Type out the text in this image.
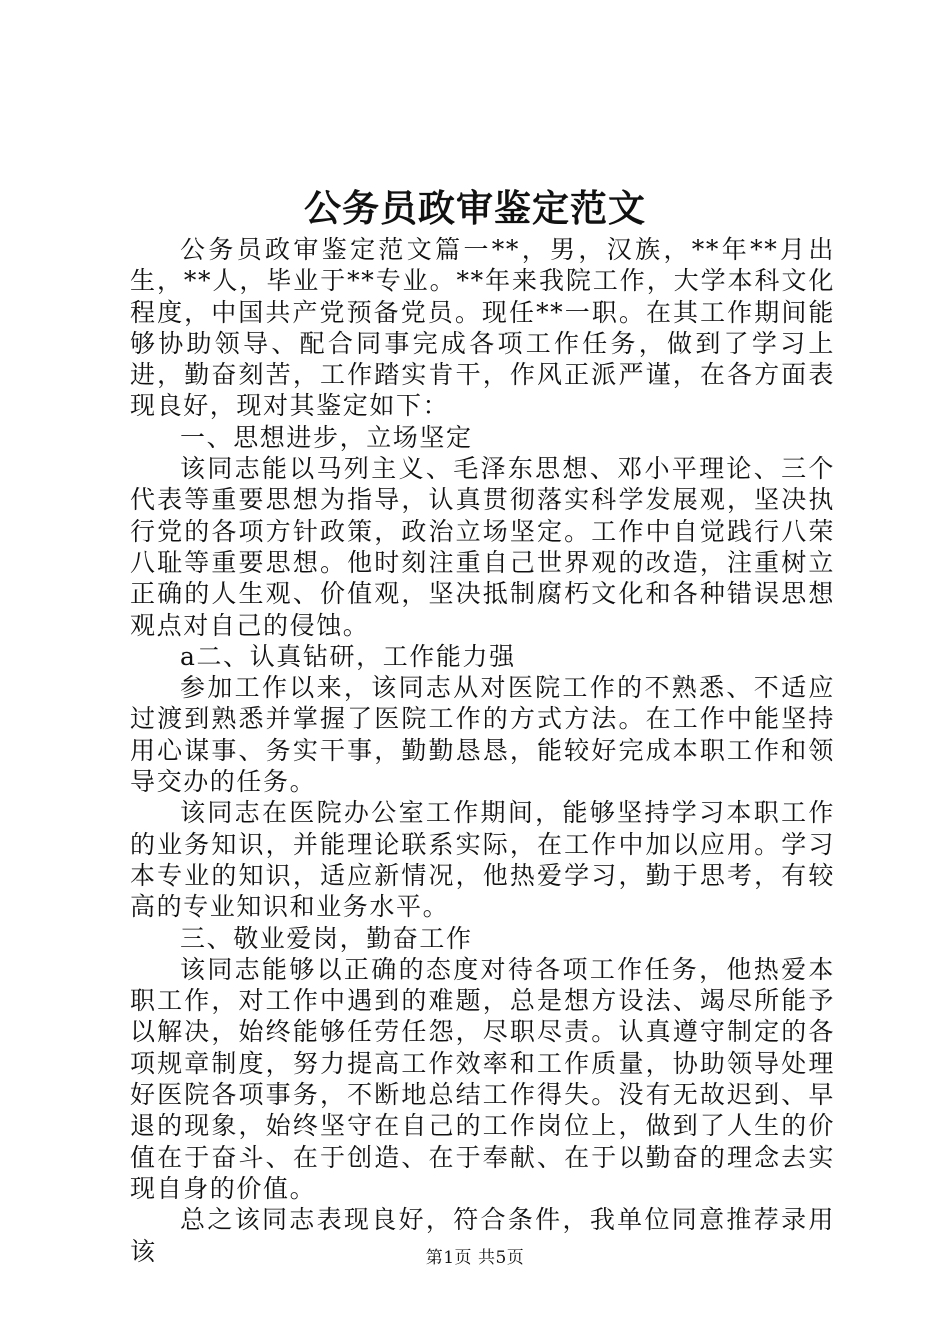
公务员政审鉴定范文

公务员政审鉴定范文篇一**，男，汉族，**年**月出生，**人，毕业于**专业。**年来我院工作，大学本科文化程度，中国共产党预备党员。现任**一职。在其工作期间能够协助领导、配合同事完成各项工作任务，做到了学习上进，勤奋刻苦，工作踏实肯干，作风正派严谨，在各方面表现良好，现对其鉴定如下：

一、思想进步，立场坚定

该同志能以马列主义、毛泽东思想、邓小平理论、三个代表等重要思想为指导，认真贯彻落实科学发展观，坚决执行党的各项方针政策，政治立场坚定。工作中自觉践行八荣八耻等重要思想。他时刻注重自己世界观的改造，注重树立正确的人生观、价值观，坚决抵制腐朽文化和各种错误思想观点对自己的侵蚀。

a二、认真钻研，工作能力强

参加工作以来，该同志从对医院工作的不熟悉、不适应过渡到熟悉并掌握了医院工作的方式方法。在工作中能坚持用心谋事、务实干事，勤勤恳恳，能较好完成本职工作和领导交办的任务。

该同志在医院办公室工作期间，能够坚持学习本职工作的业务知识，并能理论联系实际，在工作中加以应用。学习本专业的知识，适应新情况，他热爱学习，勤于思考，有较高的专业知识和业务水平。

三、敬业爱岗，勤奋工作

该同志能够以正确的态度对待各项工作任务，他热爱本职工作，对工作中遇到的难题，总是想方设法、竭尽所能予以解决，始终能够任劳任怨，尽职尽责。认真遵守制定的各项规章制度，努力提高工作效率和工作质量，协助领导处理好医院各项事务，不断地总结工作得失。没有无故迟到、早退的现象，始终坚守在自己的工作岗位上，做到了人生的价值在于奋斗、在于创造、在于奉献、在于以勤奋的理念去实现自身的价值。

总之该同志表现良好，符合条件，我单位同意推荐录用该	第1页 共5页
